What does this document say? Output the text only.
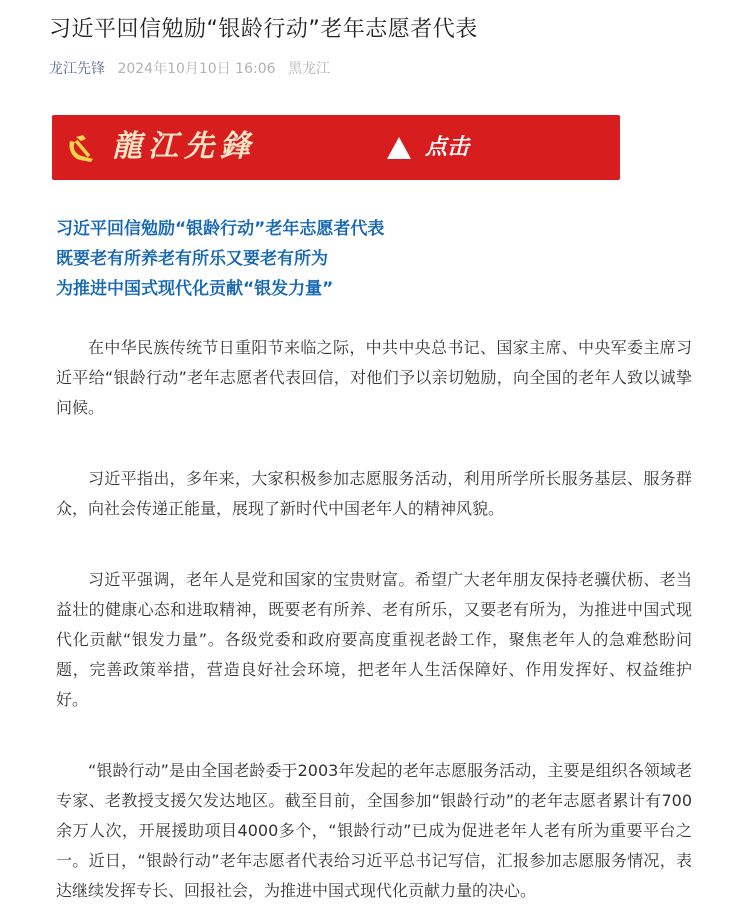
习近平回信勉励“银龄行动”老年志愿者代表
龙江先锋 2024年10月10日 16:06 黑龙江
龍江先鋒	点击
习近平回信勉励“银龄行动”老年志愿者代表
既要老有所养老有所乐又要老有所为
为推进中国式现代化贡献“银发力量”

在中华民族传统节日重阳节来临之际，中共中央总书记、国家主席、中央军委主席习近平给“银龄行动”老年志愿者代表回信，对他们予以亲切勉励，向全国的老年人致以诚挚问候。

习近平指出，多年来，大家积极参加志愿服务活动，利用所学所长服务基层、服务群众，向社会传递正能量，展现了新时代中国老年人的精神风貌。

习近平强调，老年人是党和国家的宝贵财富。希望广大老年朋友保持老骥伏枥、老当益壮的健康心态和进取精神，既要老有所养、老有所乐，又要老有所为，为推进中国式现代化贡献“银发力量”。各级党委和政府要高度重视老龄工作，聚焦老年人的急难愁盼问题，完善政策举措，营造良好社会环境，把老年人生活保障好、作用发挥好、权益维护好。

“银龄行动”是由全国老龄委于2003年发起的老年志愿服务活动，主要是组织各领域老专家、老教授支援欠发达地区。截至目前，全国参加“银龄行动”的老年志愿者累计有700余万人次，开展援助项目4000多个，“银龄行动”已成为促进老年人老有所为重要平台之一。近日，“银龄行动”老年志愿者代表给习近平总书记写信，汇报参加志愿服务情况，表达继续发挥专长、回报社会，为推进中国式现代化贡献力量的决心。
